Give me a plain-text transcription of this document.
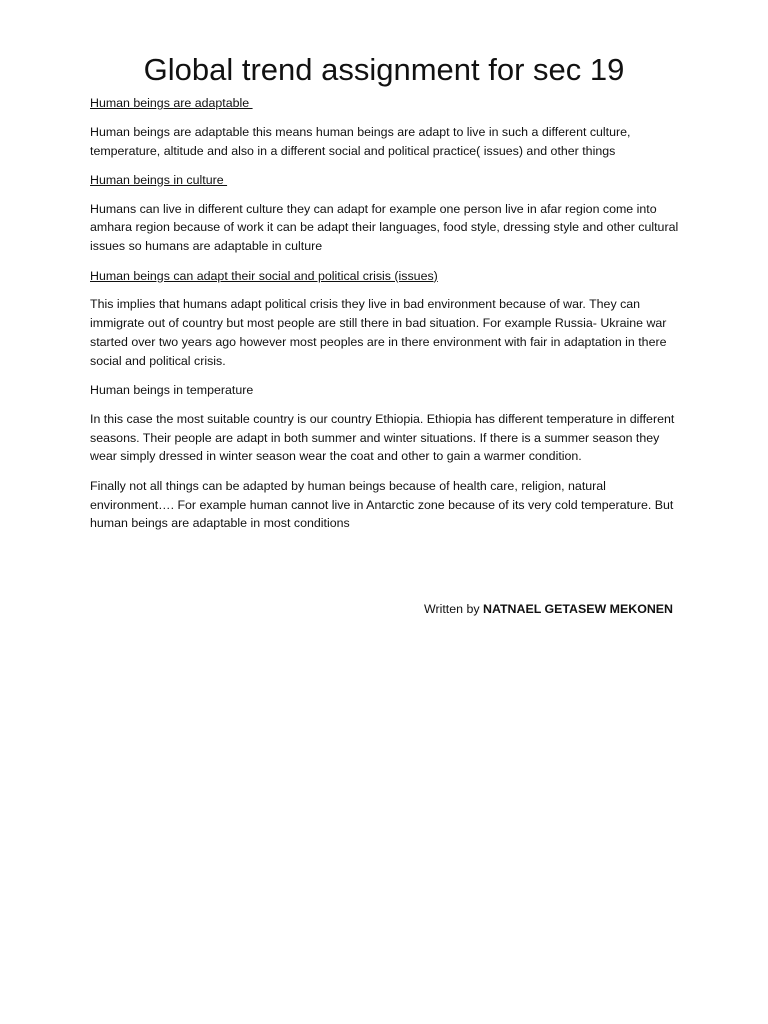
Global trend assignment for sec 19

Human beings are adaptable

Human beings are adaptable this means human beings are adapt to live in such a different culture, temperature, altitude and also in a different social and political practice( issues) and other things

Human beings in culture

Humans can live in different culture they can adapt for example one person live in afar region come into amhara region because of work it can be adapt their languages, food style, dressing style and other cultural issues so humans are adaptable in culture

Human beings can adapt their social and political crisis (issues)

This implies that humans adapt political crisis they live in bad environment because of war. They can immigrate out of country but most people are still there in bad situation. For example Russia- Ukraine war started over two years ago however most peoples are in there environment with fair in adaptation in there social and political crisis.

Human beings in temperature

In this case the most suitable country is our country Ethiopia. Ethiopia has different temperature in different seasons. Their people are adapt in both summer and winter situations. If there is a summer season they wear simply dressed in winter season wear the coat and other to gain a warmer condition.

Finally not all things can be adapted by human beings because of health care, religion, natural environment…. For example human cannot live in Antarctic zone because of its very cold temperature. But human beings are adaptable in most conditions

Written by NATNAEL GETASEW MEKONEN
